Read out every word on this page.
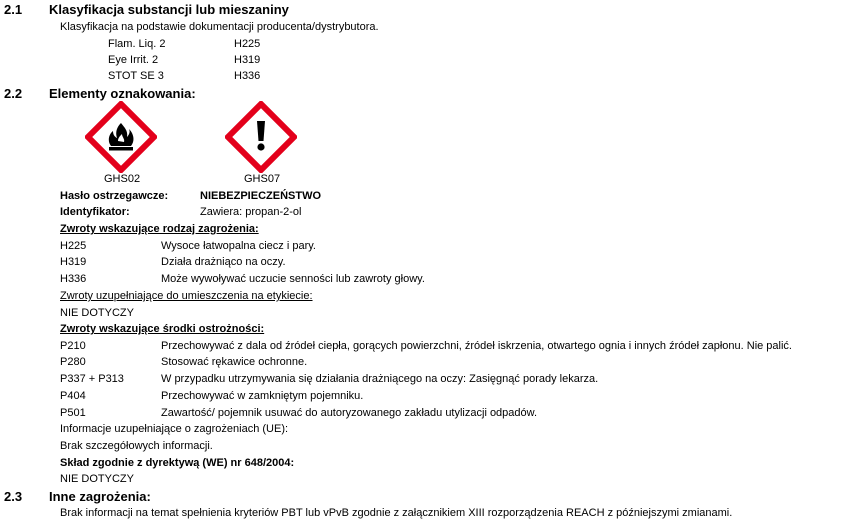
2.1 Klasyfikacja substancji lub mieszaniny
Klasyfikacja na podstawie dokumentacji producenta/dystrybutora.
Flam. Liq. 2	H225
Eye Irrit. 2	H319
STOT SE 3	H336
2.2 Elementy oznakowania:
GHS02	GHS07
Hasło ostrzegawcze:	NIEBEZPIECZEŃSTWO
Identyfikator:	Zawiera: propan-2-ol
Zwroty wskazujące rodzaj zagrożenia:
H225	Wysoce łatwopalna ciecz i pary.
H319	Działa drażniąco na oczy.
H336	Może wywoływać uczucie senności lub zawroty głowy.
Zwroty uzupełniające do umieszczenia na etykiecie:
NIE DOTYCZY
Zwroty wskazujące środki ostrożności:
P210	Przechowywać z dala od źródeł ciepła, gorących powierzchni, źródeł iskrzenia, otwartego ognia i innych źródeł zapłonu. Nie palić.
P280	Stosować rękawice ochronne.
P337 + P313	W przypadku utrzymywania się działania drażniącego na oczy: Zasięgnąć porady lekarza.
P404	Przechowywać w zamkniętym pojemniku.
P501	Zawartość/ pojemnik usuwać do autoryzowanego zakładu utylizacji odpadów.
Informacje uzupełniające o zagrożeniach (UE):
Brak szczegółowych informacji.
Skład zgodnie z dyrektywą (WE) nr 648/2004:
NIE DOTYCZY
2.3 Inne zagrożenia:
Brak informacji na temat spełnienia kryteriów PBT lub vPvB zgodnie z załącznikiem XIII rozporządzenia REACH z późniejszymi zmianami.
